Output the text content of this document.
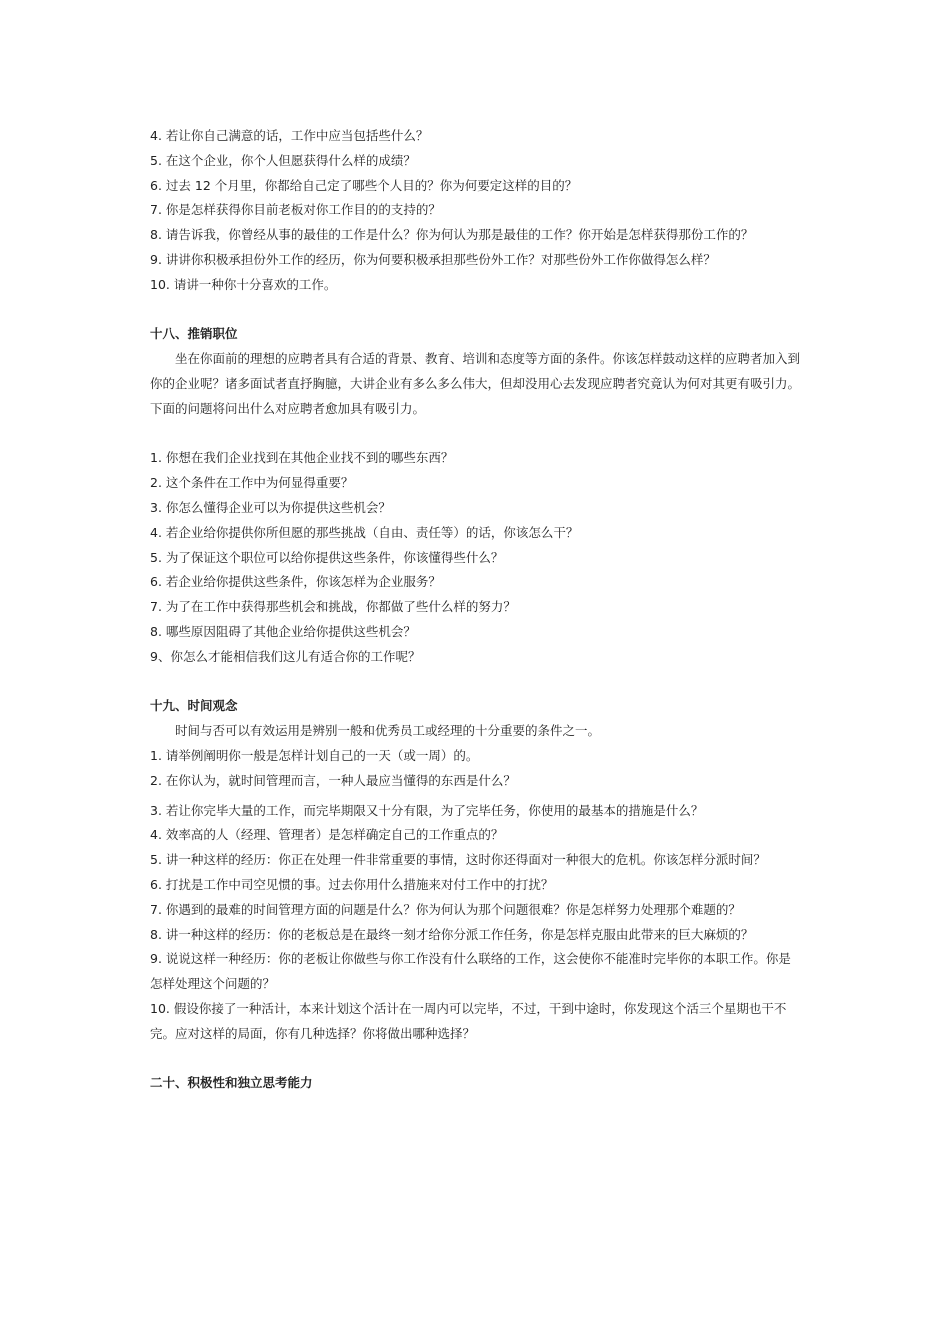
4. 若让你自己满意的话，工作中应当包括些什么？

5. 在这个企业，你个人但愿获得什么样的成绩？

6. 过去 12 个月里，你都给自己定了哪些个人目的？你为何要定这样的目的？

7. 你是怎样获得你目前老板对你工作目的的支持的？

8. 请告诉我，你曾经从事的最佳的工作是什么？你为何认为那是最佳的工作？你开始是怎样获得那份工作的？

9. 讲讲你积极承担份外工作的经历，你为何要积极承担那些份外工作？对那些份外工作你做得怎么样？

10. 请讲一种你十分喜欢的工作。

十八、推销职位

坐在你面前的理想的应聘者具有合适的背景、教育、培训和态度等方面的条件。你该怎样鼓动这样的应聘者加入到你的企业呢？诸多面试者直抒胸臆，大讲企业有多么多么伟大，但却没用心去发现应聘者究竟认为何对其更有吸引力。下面的问题将问出什么对应聘者愈加具有吸引力。

1. 你想在我们企业找到在其他企业找不到的哪些东西？

2. 这个条件在工作中为何显得重要？

3. 你怎么懂得企业可以为你提供这些机会？

4. 若企业给你提供你所但愿的那些挑战（自由、责任等）的话，你该怎么干？

5. 为了保证这个职位可以给你提供这些条件，你该懂得些什么？

6. 若企业给你提供这些条件，你该怎样为企业服务？

7. 为了在工作中获得那些机会和挑战，你都做了些什么样的努力？

8. 哪些原因阻碍了其他企业给你提供这些机会？

9、你怎么才能相信我们这儿有适合你的工作呢？

十九、时间观念

时间与否可以有效运用是辨别一般和优秀员工或经理的十分重要的条件之一。

1. 请举例阐明你一般是怎样计划自己的一天（或一周）的。

2. 在你认为，就时间管理而言，一种人最应当懂得的东西是什么？

3. 若让你完毕大量的工作，而完毕期限又十分有限，为了完毕任务，你使用的最基本的措施是什么？

4. 效率高的人（经理、管理者）是怎样确定自己的工作重点的？

5. 讲一种这样的经历：你正在处理一件非常重要的事情，这时你还得面对一种很大的危机。你该怎样分派时间？

6. 打扰是工作中司空见惯的事。过去你用什么措施来对付工作中的打扰？

7. 你遇到的最难的时间管理方面的问题是什么？你为何认为那个问题很难？你是怎样努力处理那个难题的？

8. 讲一种这样的经历：你的老板总是在最终一刻才给你分派工作任务，你是怎样克服由此带来的巨大麻烦的？

9. 说说这样一种经历：你的老板让你做些与你工作没有什么联络的工作，这会使你不能准时完毕你的本职工作。你是怎样处理这个问题的？

10. 假设你接了一种活计，本来计划这个活计在一周内可以完毕，不过，干到中途时，你发现这个活三个星期也干不完。应对这样的局面，你有几种选择？你将做出哪种选择？

二十、积极性和独立思考能力
